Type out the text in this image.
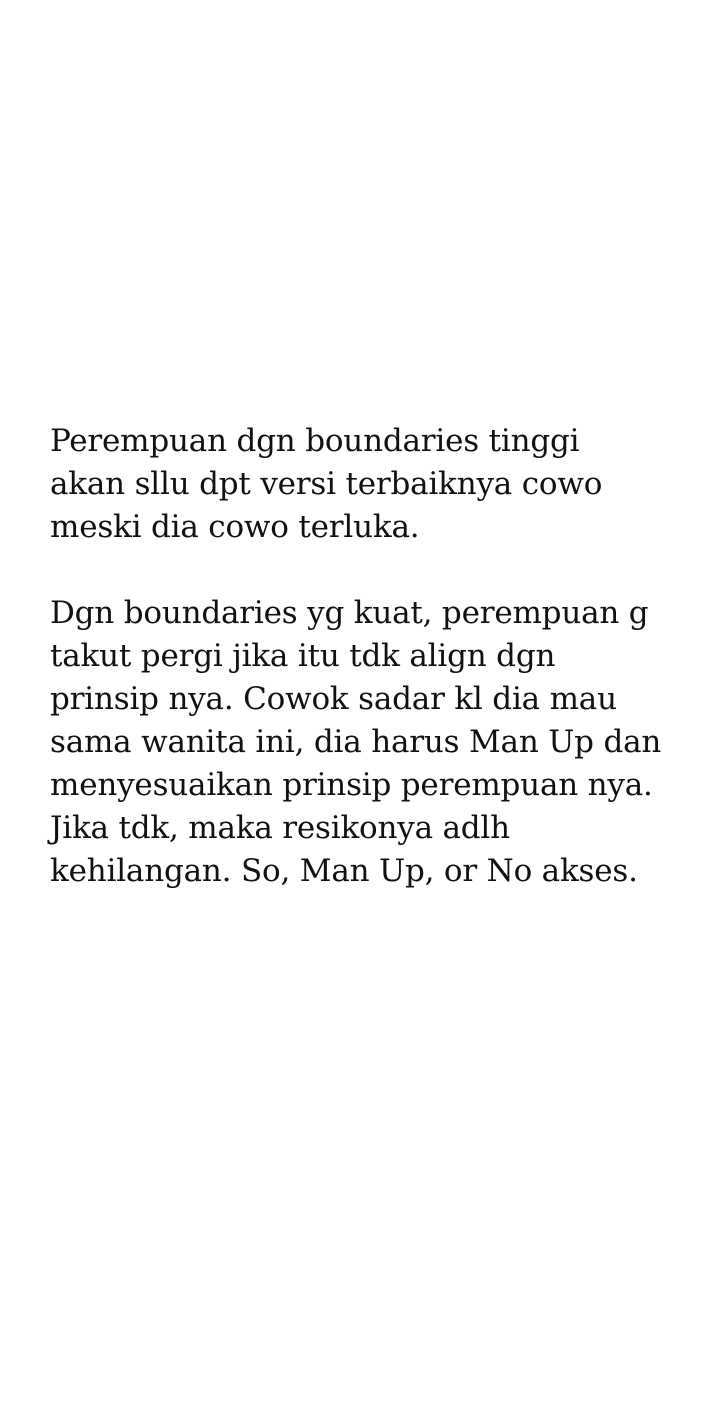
Perempuan dgn boundaries tinggi
akan sllu dpt versi terbaiknya cowo
meski dia cowo terluka.

Dgn boundaries yg kuat, perempuan g
takut pergi jika itu tdk align dgn
prinsip nya. Cowok sadar kl dia mau
sama wanita ini, dia harus Man Up dan
menyesuaikan prinsip perempuan nya.
Jika tdk, maka resikonya adlh
kehilangan. So, Man Up, or No akses.
